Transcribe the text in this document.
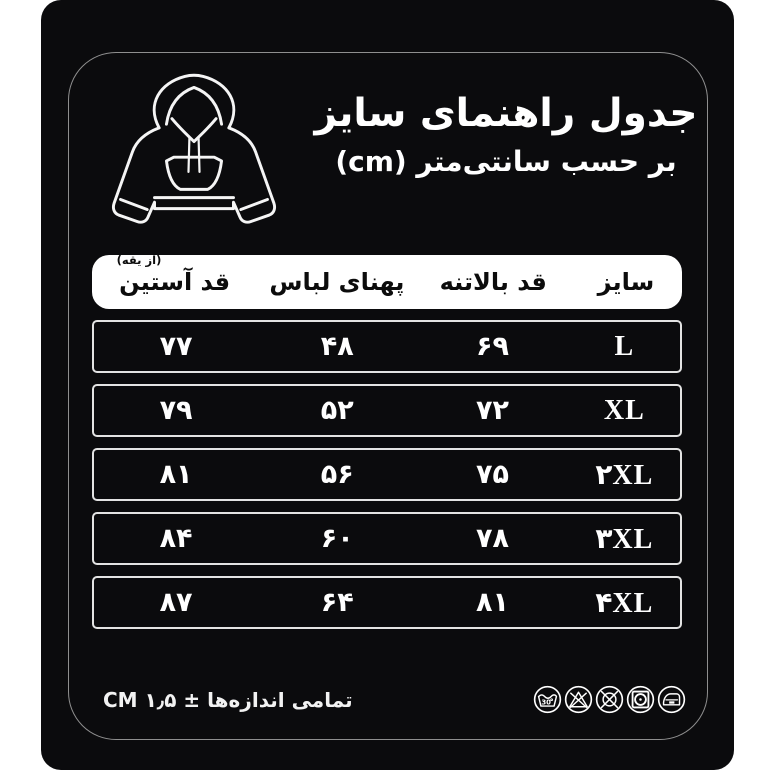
جدول راهنمای سایز
بر حسب سانتی‌متر (cm)
سایز
قد بالاتنه
پهنای لباس
(از یقه)
قد آستین
L
۶۹
۴۸
۷۷
XL
۷۲
۵۲
۷۹
۲XL
۷۵
۵۶
۸۱
۳XL
۷۸
۶۰
۸۴
۴XL
۸۱
۶۴
۸۷
تمامی اندازه‌ها ± ۱٫۵ CM	30
